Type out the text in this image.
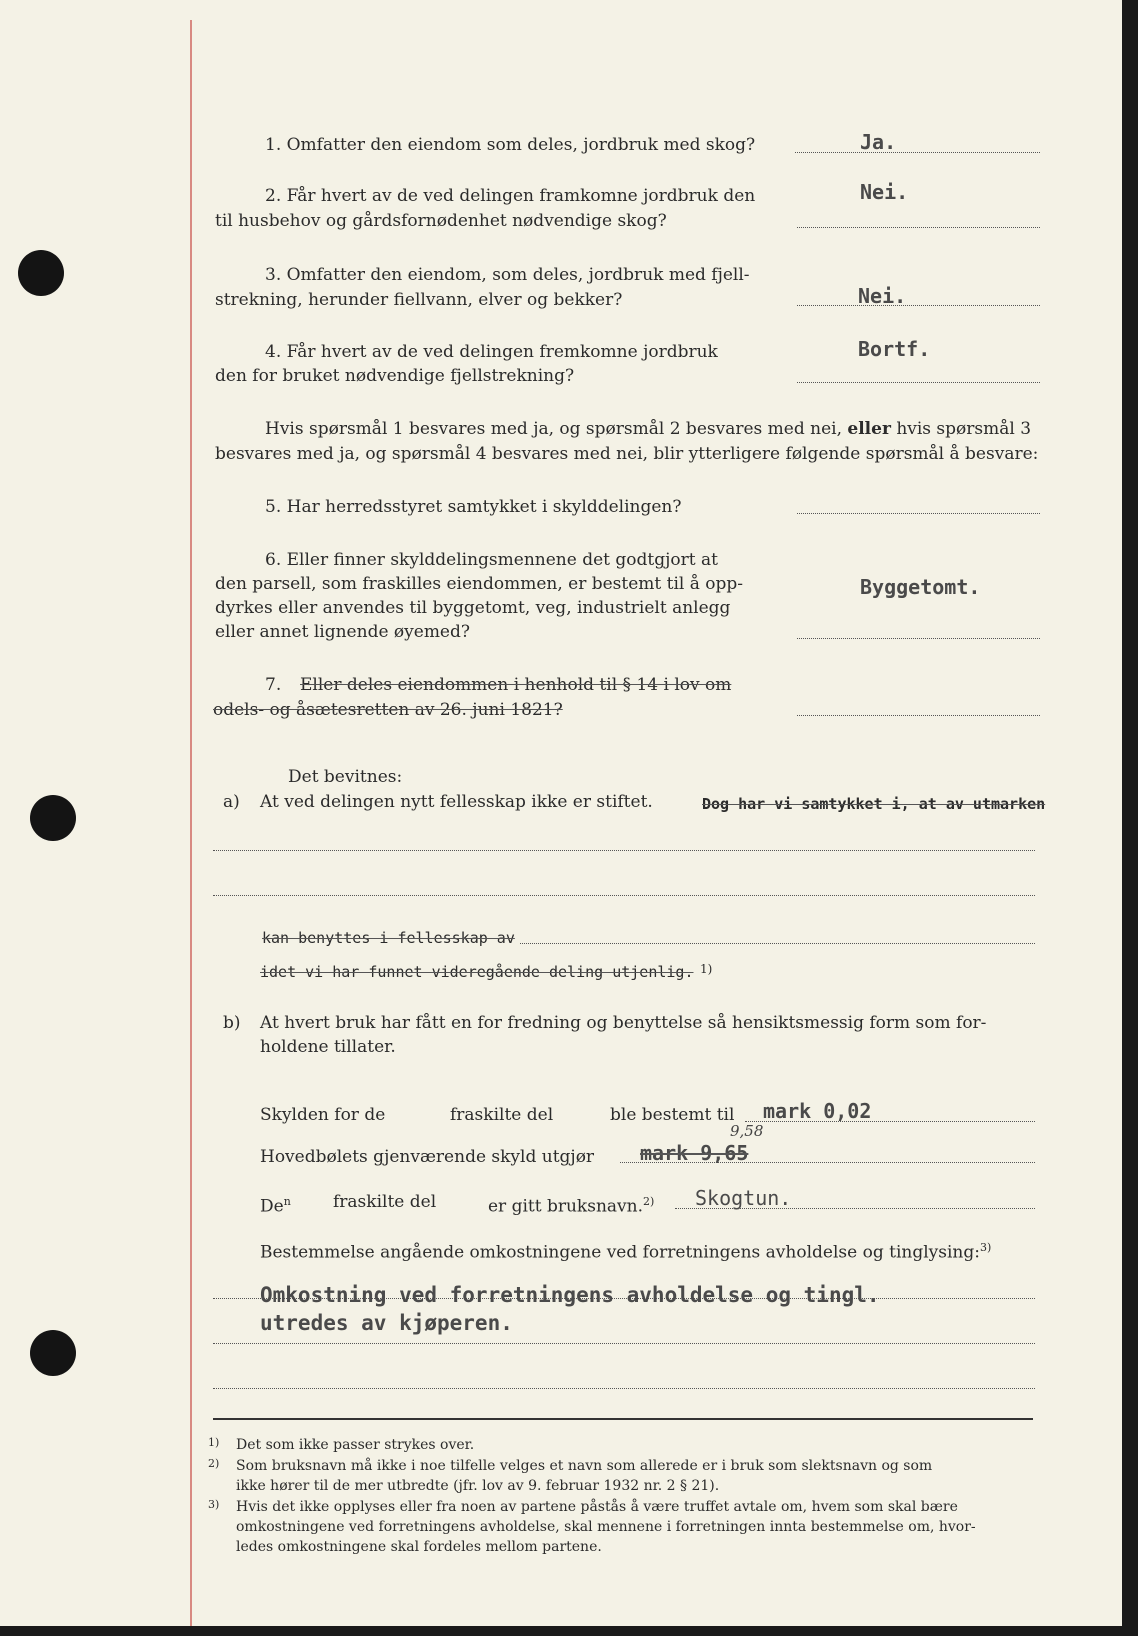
1. Omfatter den eiendom som deles, jordbruk med skog?	Ja.
2. Får hvert av de ved delingen framkomne jordbruk den
til husbehov og gårdsfornødenhet nødvendige skog?
Nei.
3. Omfatter den eiendom, som deles, jordbruk med fjell-
strekning, herunder fiellvann, elver og bekker?	Nei.
4. Får hvert av de ved delingen fremkomne jordbruk
den for bruket nødvendige fjellstrekning?
Bortf.
Hvis spørsmål 1 besvares med ja, og spørsmål 2 besvares med nei, eller hvis spørsmål 3
besvares med ja, og spørsmål 4 besvares med nei, blir ytterligere følgende spørsmål å besvare:
5. Har herredsstyret samtykket i skylddelingen?
6. Eller finner skylddelingsmennene det godtgjort at
den parsell, som fraskilles eiendommen, er bestemt til å opp-
dyrkes eller anvendes til byggetomt, veg, industrielt anlegg
eller annet lignende øyemed?
Byggetomt.
7. Eller deles eiendommen i henhold til § 14 i lov om
odels- og åsætesretten av 26. juni 1821?
Det bevitnes:
a) At ved delingen nytt fellesskap ikke er stiftet.	Dog har vi samtykket i, at av utmarken
kan benyttes i fellesskap av
idet vi har funnet videregående deling utjenlig. 1)
b) At hvert bruk har fått en for fredning og benyttelse så hensiktsmessig form som for-
holdene tillater.
Skylden for de	fraskilte del	ble bestemt til mark 0,02
Hovedbølets gjenværende skyld utgjør mark 9,65
9,58
De$^n$ fraskilte del	er gitt bruksnavn.$^{2)}$ Skogtun.
Bestemmelse angående omkostningene ved forretningens avholdelse og tinglysing:$^{3)}$
Omkostning ved forretningens avholdelse og tingl.
utredes av kjøperen.
1) Det som ikke passer strykes over.
2) Som bruksnavn må ikke i noe tilfelle velges et navn som allerede er i bruk som slektsnavn og som
ikke hører til de mer utbredte (jfr. lov av 9. februar 1932 nr. 2 § 21).
3) Hvis det ikke opplyses eller fra noen av partene påstås å være truffet avtale om, hvem som skal bære
omkostningene ved forretningens avholdelse, skal mennene i forretningen innta bestemmelse om, hvor-
ledes omkostningene skal fordeles mellom partene.
